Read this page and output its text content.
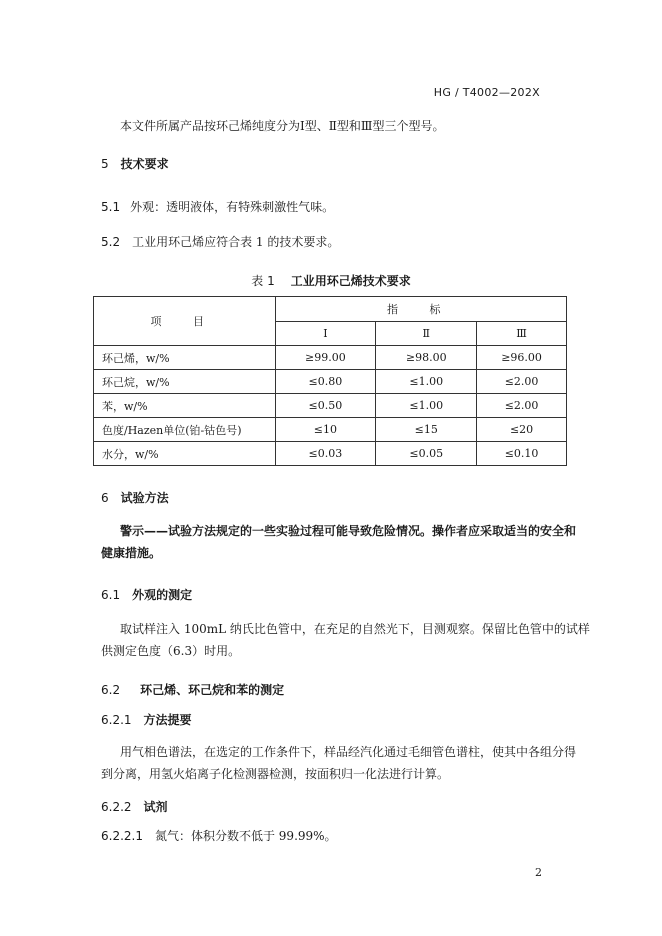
HG / T4002—202X
本文件所属产品按环己烯纯度分为Ⅰ型、Ⅱ型和Ⅲ型三个型号。
5 技术要求
5.1 外观：透明液体，有特殊刺激性气味。
5.2 工业用环己烯应符合表 1 的技术要求。
表 1 工业用环己烯技术要求
项 目	指 标		
	Ⅰ	Ⅱ	Ⅲ
环己烯，w/%	≥99.00	≥98.00	≥96.00
环己烷，w/%	≤0.80	≤1.00	≤2.00
苯，w/%	≤0.50	≤1.00	≤2.00
色度/Hazen单位(铂-钴色号)	≤10	≤15	≤20
水分，w/%	≤0.03	≤0.05	≤0.10
6 试验方法
警示——试验方法规定的一些实验过程可能导致危险情况。操作者应采取适当的安全和
健康措施。
6.1 外观的测定
取试样注入 100mL 纳氏比色管中，在充足的自然光下，目测观察。保留比色管中的试样
供测定色度（6.3）时用。
6.2 环己烯、环己烷和苯的测定
6.2.1 方法提要
用气相色谱法，在选定的工作条件下，样品经汽化通过毛细管色谱柱，使其中各组分得
到分离，用氢火焰离子化检测器检测，按面积归一化法进行计算。
6.2.2 试剂
6.2.2.1 氮气：体积分数不低于 99.99%。
2
